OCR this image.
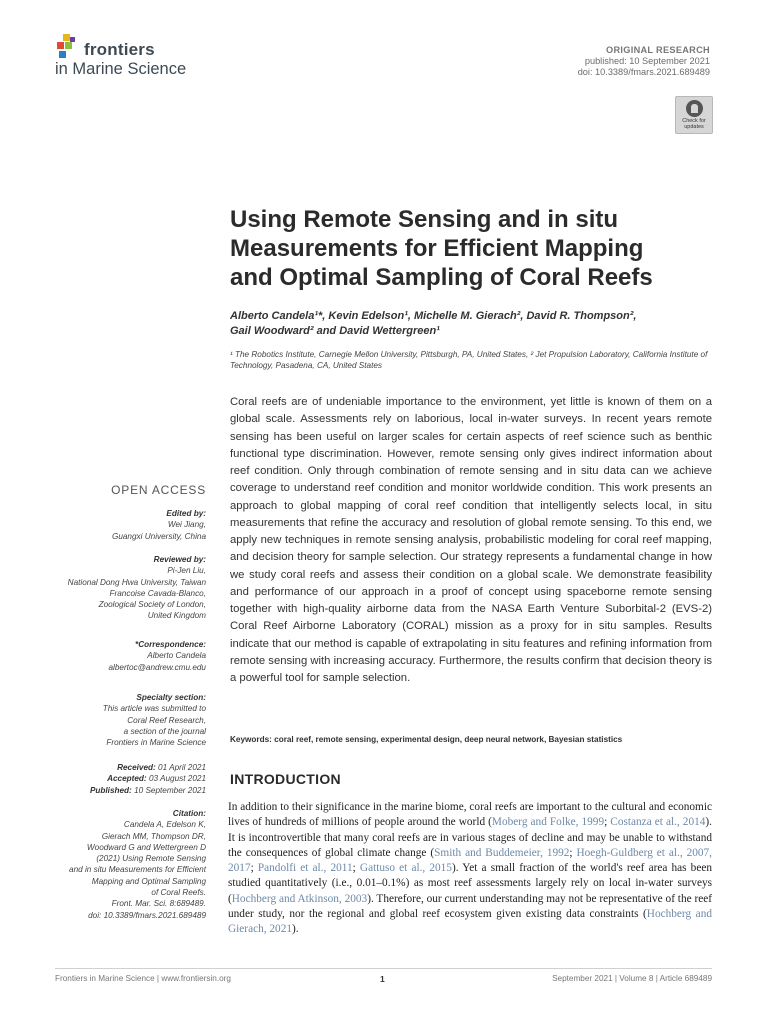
frontiers
in Marine Science
ORIGINAL RESEARCH
published: 10 September 2021
doi: 10.3389/fmars.2021.689489
Check for updates
Using Remote Sensing and in situ
Measurements for Efficient Mapping
and Optimal Sampling of Coral Reefs
Alberto Candela¹*, Kevin Edelson¹, Michelle M. Gierach², David R. Thompson²,
Gail Woodward² and David Wettergreen¹
¹ The Robotics Institute, Carnegie Mellon University, Pittsburgh, PA, United States, ² Jet Propulsion Laboratory, California Institute of Technology, Pasadena, CA, United States
Coral reefs are of undeniable importance to the environment, yet little is known of them on a global scale. Assessments rely on laborious, local in-water surveys. In recent years remote sensing has been useful on larger scales for certain aspects of reef science such as benthic functional type discrimination. However, remote sensing only gives indirect information about reef condition. Only through combination of remote sensing and in situ data can we achieve coverage to understand reef condition and monitor worldwide condition. This work presents an approach to global mapping of coral reef condition that intelligently selects local, in situ measurements that refine the accuracy and resolution of global remote sensing. To this end, we apply new techniques in remote sensing analysis, probabilistic modeling for coral reef mapping, and decision theory for sample selection. Our strategy represents a fundamental change in how we study coral reefs and assess their condition on a global scale. We demonstrate feasibility and performance of our approach in a proof of concept using spaceborne remote sensing together with high-quality airborne data from the NASA Earth Venture Suborbital-2 (EVS-2) Coral Reef Airborne Laboratory (CORAL) mission as a proxy for in situ samples. Results indicate that our method is capable of extrapolating in situ features and refining information from remote sensing with increasing accuracy. Furthermore, the results confirm that decision theory is a powerful tool for sample selection.
Keywords: coral reef, remote sensing, experimental design, deep neural network, Bayesian statistics
INTRODUCTION
In addition to their significance in the marine biome, coral reefs are important to the cultural and economic lives of hundreds of millions of people around the world (Moberg and Folke, 1999; Costanza et al., 2014). It is incontrovertible that many coral reefs are in various stages of decline and may be unable to withstand the consequences of global climate change (Smith and Buddemeier, 1992; Hoegh-Guldberg et al., 2007, 2017; Pandolfi et al., 2011; Gattuso et al., 2015). Yet a small fraction of the world's reef area has been studied quantitatively (i.e., 0.01–0.1%) as most reef assessments largely rely on local in-water surveys (Hochberg and Atkinson, 2003). Therefore, our current understanding may not be representative of the reef under study, nor the regional and global reef ecosystem given existing data constraints (Hochberg and Gierach, 2021).
OPEN ACCESS
Edited by:
Wei Jiang,
Guangxi University, China
Reviewed by:
Pi-Jen Liu,
National Dong Hwa University, Taiwan
Francoise Cavada-Blanco,
Zoological Society of London,
United Kingdom
*Correspondence:
Alberto Candela
albertoc@andrew.cmu.edu
Specialty section:
This article was submitted to
Coral Reef Research,
a section of the journal
Frontiers in Marine Science
Received: 01 April 2021
Accepted: 03 August 2021
Published: 10 September 2021
Citation:
Candela A, Edelson K,
Gierach MM, Thompson DR,
Woodward G and Wettergreen D
(2021) Using Remote Sensing
and in situ Measurements for Efficient
Mapping and Optimal Sampling
of Coral Reefs.
Front. Mar. Sci. 8:689489.
doi: 10.3389/fmars.2021.689489
Frontiers in Marine Science | www.frontiersin.org	1	September 2021 | Volume 8 | Article 689489
